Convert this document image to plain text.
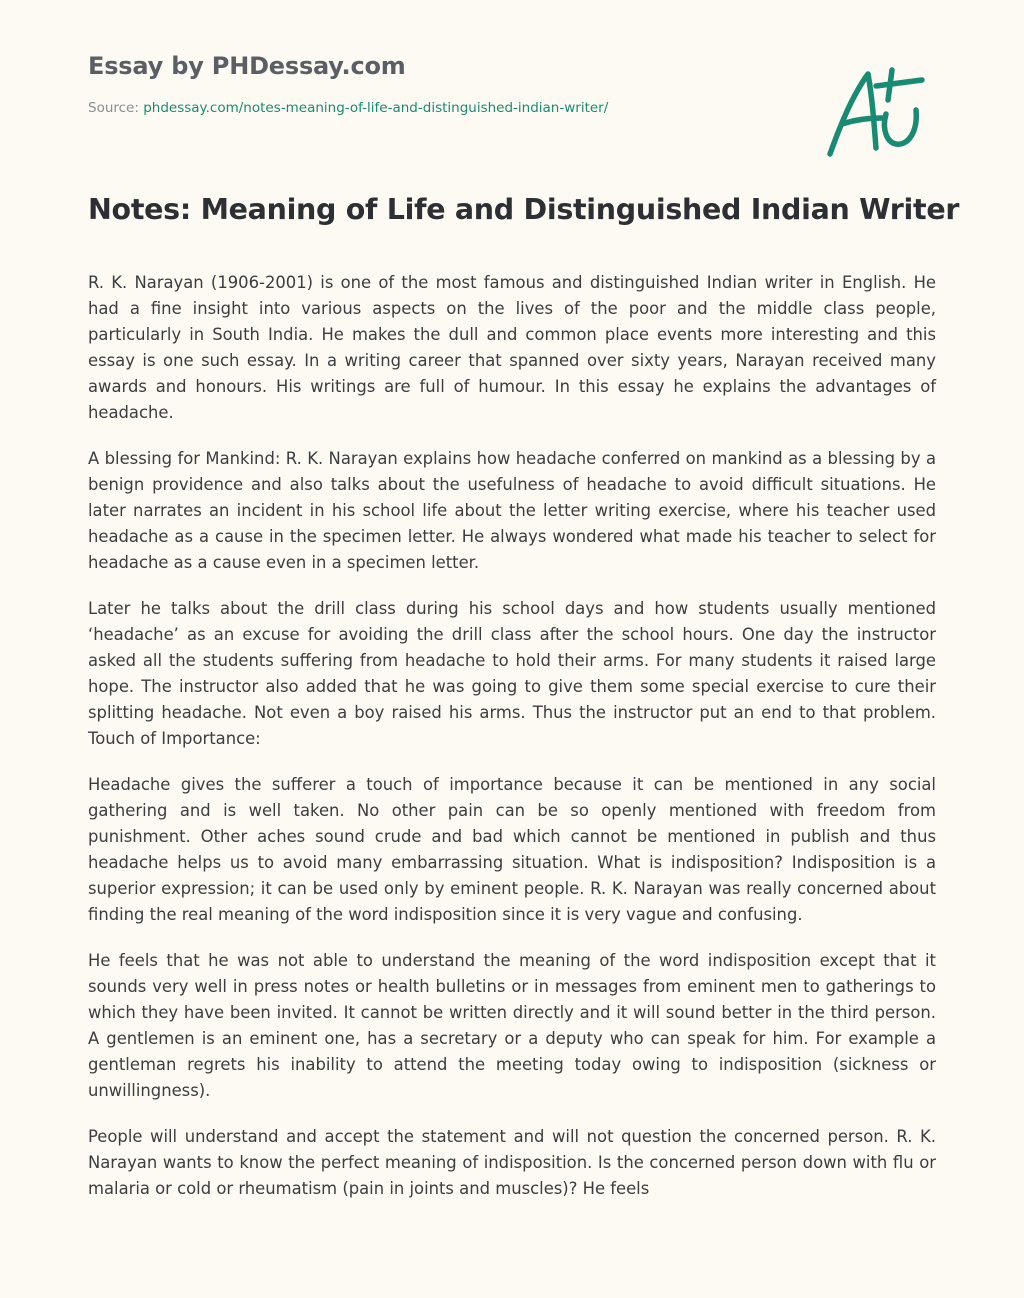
Essay by PHDessay.com
Source: phdessay.com/notes-meaning-of-life-and-distinguished-indian-writer/
Notes: Meaning of Life and Distinguished Indian Writer

R. K. Narayan (1906-2001) is one of the most famous and distinguished Indian writer in English. He had a fine insight into various aspects on the lives of the poor and the middle class people, particularly in South India. He makes the dull and common place events more interesting and this essay is one such essay. In a writing career that spanned over sixty years, Narayan received many awards and honours. His writings are full of humour. In this essay he explains the advantages of headache.

A blessing for Mankind: R. K. Narayan explains how headache conferred on mankind as a blessing by a benign providence and also talks about the usefulness of headache to avoid difficult situations. He later narrates an incident in his school life about the letter writing exercise, where his teacher used headache as a cause in the specimen letter. He always wondered what made his teacher to select for headache as a cause even in a specimen letter.

Later he talks about the drill class during his school days and how students usually mentioned ‘headache’ as an excuse for avoiding the drill class after the school hours. One day the instructor asked all the students suffering from headache to hold their arms. For many students it raised large hope. The instructor also added that he was going to give them some special exercise to cure their splitting headache. Not even a boy raised his arms. Thus the instructor put an end to that problem. Touch of Importance:

Headache gives the sufferer a touch of importance because it can be mentioned in any social gathering and is well taken. No other pain can be so openly mentioned with freedom from punishment. Other aches sound crude and bad which cannot be mentioned in publish and thus headache helps us to avoid many embarrassing situation. What is indisposition? Indisposition is a superior expression; it can be used only by eminent people. R. K. Narayan was really concerned about finding the real meaning of the word indisposition since it is very vague and confusing.

He feels that he was not able to understand the meaning of the word indisposition except that it sounds very well in press notes or health bulletins or in messages from eminent men to gatherings to which they have been invited. It cannot be written directly and it will sound better in the third person. A gentlemen is an eminent one, has a secretary or a deputy who can speak for him. For example a gentleman regrets his inability to attend the meeting today owing to indisposition (sickness or unwillingness).

People will understand and accept the statement and will not question the concerned person. R. K. Narayan wants to know the perfect meaning of indisposition. Is the concerned person down with flu or malaria or cold or rheumatism (pain in joints and muscles)? He feels
